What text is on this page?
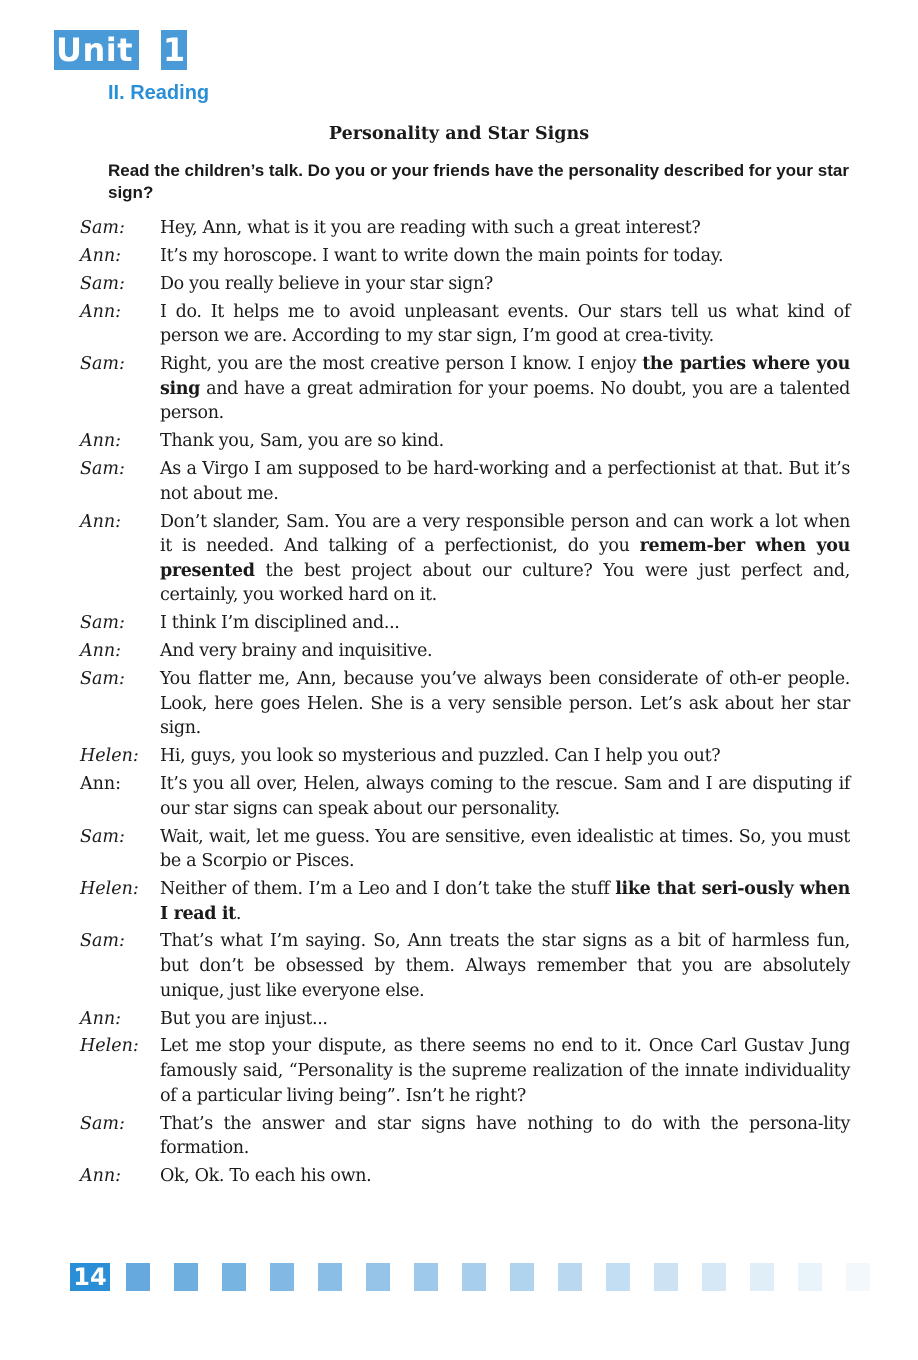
Unit 1
II. Reading
Personality and Star Signs
Read the children’s talk. Do you or your friends have the personality described for your star sign?
Sam:	Hey, Ann, what is it you are reading with such a great interest?
Ann:	It’s my horoscope. I want to write down the main points for today.
Sam:	Do you really believe in your star sign?
Ann:	I do. It helps me to avoid unpleasant events. Our stars tell us what kind of person we are. According to my star sign, I’m good at crea-tivity.
Sam:	Right, you are the most creative person I know. I enjoy the parties where you sing and have a great admiration for your poems. No doubt, you are a talented person.
Ann:	Thank you, Sam, you are so kind.
Sam:	As a Virgo I am supposed to be hard-working and a perfectionist at that. But it’s not about me.
Ann:	Don’t slander, Sam. You are a very responsible person and can work a lot when it is needed. And talking of a perfectionist, do you remem-ber when you presented the best project about our culture? You were just perfect and, certainly, you worked hard on it.
Sam:	I think I’m disciplined and...
Ann:	And very brainy and inquisitive.
Sam:	You flatter me, Ann, because you’ve always been considerate of oth-er people. Look, here goes Helen. She is a very sensible person. Let’s ask about her star sign.
Helen:	Hi, guys, you look so mysterious and puzzled. Can I help you out?
Ann:	It’s you all over, Helen, always coming to the rescue. Sam and I are disputing if our star signs can speak about our personality.
Sam:	Wait, wait, let me guess. You are sensitive, even idealistic at times. So, you must be a Scorpio or Pisces.
Helen:	Neither of them. I’m a Leo and I don’t take the stuff like that seri-ously when I read it.
Sam:	That’s what I’m saying. So, Ann treats the star signs as a bit of harmless fun, but don’t be obsessed by them. Always remember that you are absolutely unique, just like everyone else.
Ann:	But you are injust...
Helen:	Let me stop your dispute, as there seems no end to it. Once Carl Gustav Jung famously said, “Personality is the supreme realization of the innate individuality of a particular living being”. Isn’t he right?
Sam:	That’s the answer and star signs have nothing to do with the persona-lity formation.
Ann:	Ok, Ok. To each his own.
14
